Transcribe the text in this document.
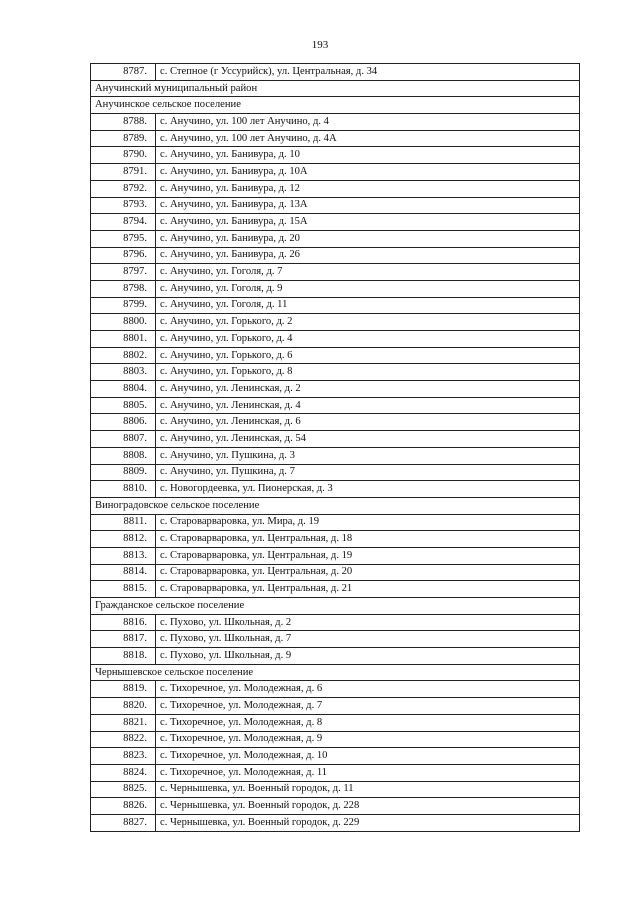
193
8787.	с. Степное (г Уссурийск), ул. Центральная, д. 34
Анучинский муниципальный район	
Анучинское сельское поселение	
8788.	с. Анучино, ул. 100 лет Анучино, д. 4
8789.	с. Анучино, ул. 100 лет Анучино, д. 4А
8790.	с. Анучино, ул. Банивура, д. 10
8791.	с. Анучино, ул. Банивура, д. 10А
8792.	с. Анучино, ул. Банивура, д. 12
8793.	с. Анучино, ул. Банивура, д. 13А
8794.	с. Анучино, ул. Банивура, д. 15А
8795.	с. Анучино, ул. Банивура, д. 20
8796.	с. Анучино, ул. Банивура, д. 26
8797.	с. Анучино, ул. Гоголя, д. 7
8798.	с. Анучино, ул. Гоголя, д. 9
8799.	с. Анучино, ул. Гоголя, д. 11
8800.	с. Анучино, ул. Горького, д. 2
8801.	с. Анучино, ул. Горького, д. 4
8802.	с. Анучино, ул. Горького, д. 6
8803.	с. Анучино, ул. Горького, д. 8
8804.	с. Анучино, ул. Ленинская, д. 2
8805.	с. Анучино, ул. Ленинская, д. 4
8806.	с. Анучино, ул. Ленинская, д. 6
8807.	с. Анучино, ул. Ленинская, д. 54
8808.	с. Анучино, ул. Пушкина, д. 3
8809.	с. Анучино, ул. Пушкина, д. 7
8810.	с. Новогордеевка, ул. Пионерская, д. 3
Виноградовское сельское поселение	
8811.	с. Староварваровка, ул. Мира, д. 19
8812.	с. Староварваровка, ул. Центральная, д. 18
8813.	с. Староварваровка, ул. Центральная, д. 19
8814.	с. Староварваровка, ул. Центральная, д. 20
8815.	с. Староварваровка, ул. Центральная, д. 21
Гражданское сельское поселение	
8816.	с. Пухово, ул. Школьная, д. 2
8817.	с. Пухово, ул. Школьная, д. 7
8818.	с. Пухово, ул. Школьная, д. 9
Чернышевское сельское поселение	
8819.	с. Тихоречное, ул. Молодежная, д. 6
8820.	с. Тихоречное, ул. Молодежная, д. 7
8821.	с. Тихоречное, ул. Молодежная, д. 8
8822.	с. Тихоречное, ул. Молодежная, д. 9
8823.	с. Тихоречное, ул. Молодежная, д. 10
8824.	с. Тихоречное, ул. Молодежная, д. 11
8825.	с. Чернышевка, ул. Военный городок, д. 11
8826.	с. Чернышевка, ул. Военный городок, д. 228
8827.	с. Чернышевка, ул. Военный городок, д. 229
